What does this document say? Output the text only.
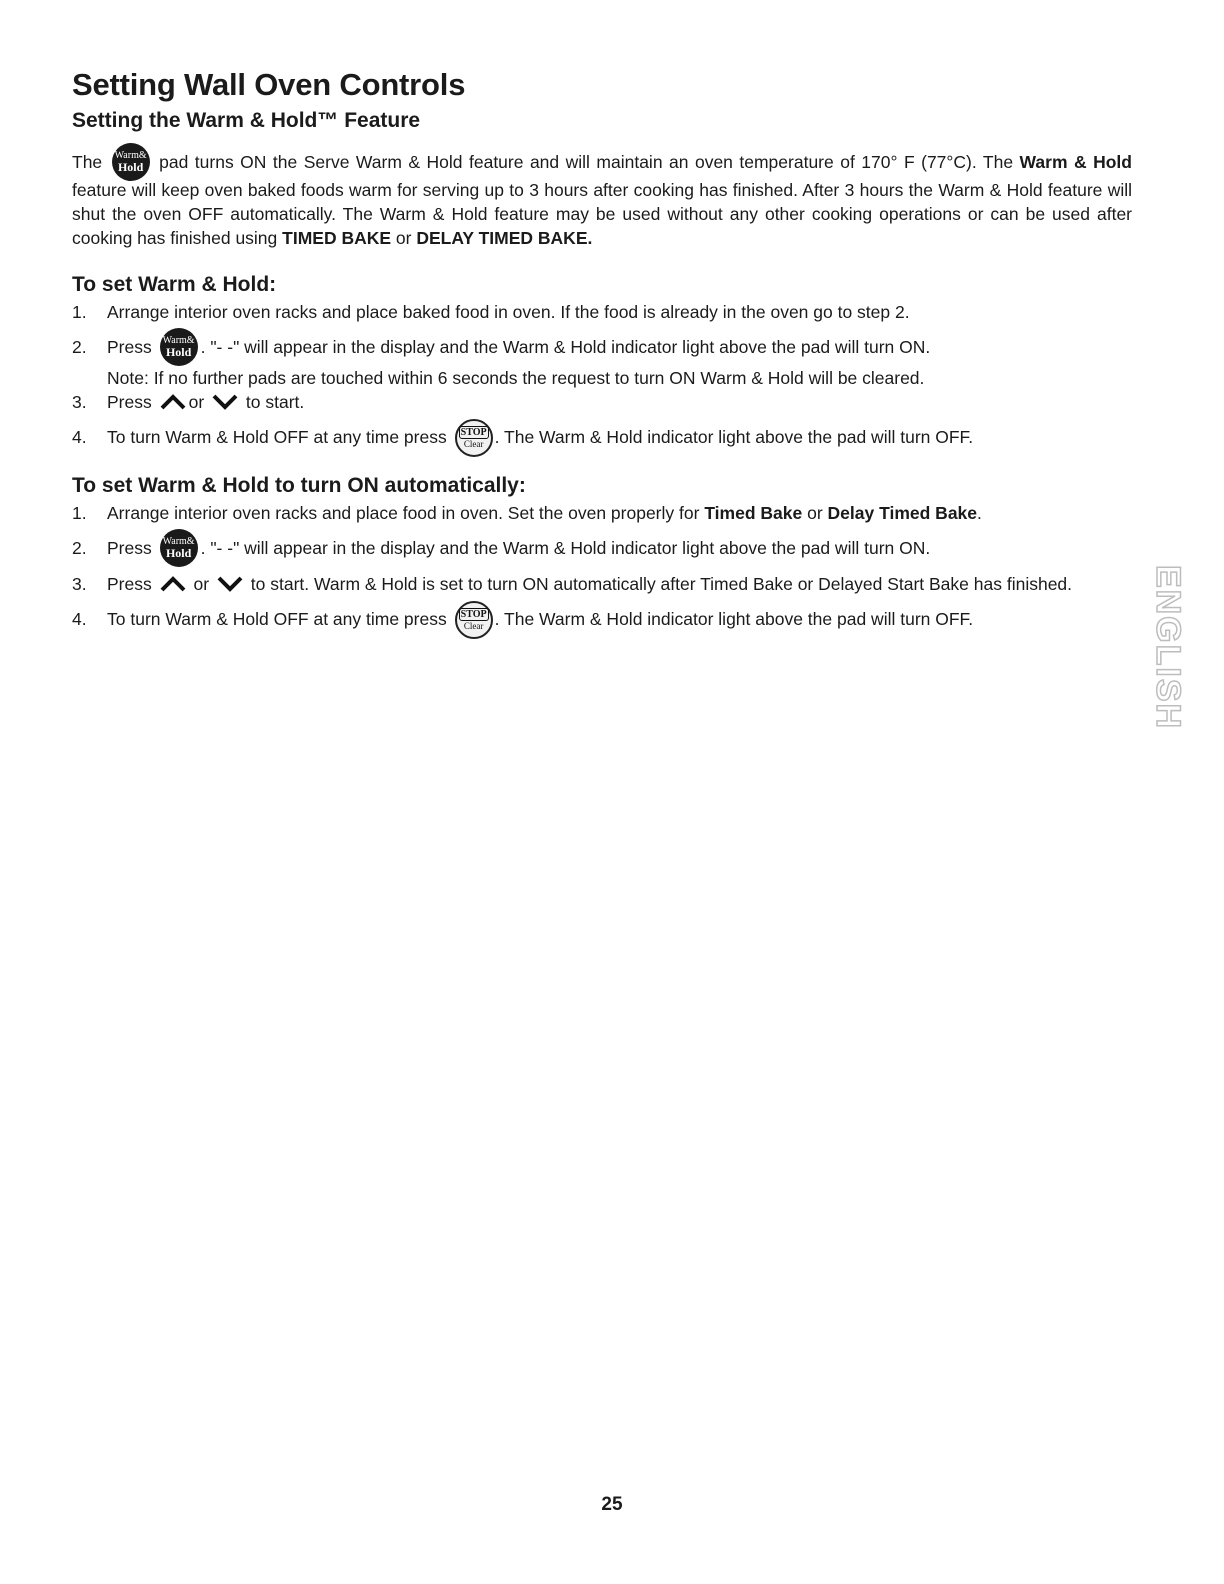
Setting Wall Oven Controls
Setting the Warm & Hold™ Feature

The Warm&
Hold pad turns ON the Serve Warm & Hold feature and will maintain an oven temperature of 170° F (77°C). The Warm & Hold feature will keep oven baked foods warm for serving up to 3 hours after cooking has finished. After 3 hours the Warm & Hold feature will shut the oven OFF automatically. The Warm & Hold feature may be used without any other cooking operations or can be used after cooking has finished using TIMED BAKE or DELAY TIMED BAKE.

To set Warm & Hold:
1. Arrange interior oven racks and place baked food in oven. If the food is already in the oven go to step 2.
2. Press Warm&
Hold . "- -" will appear in the display and the Warm & Hold indicator light above the pad will turn ON.
Note: If no further pads are touched within 6 seconds the request to turn ON Warm & Hold will be cleared.
3. Press or to start.
4. To turn Warm & Hold OFF at any time press STOP
Clear . The Warm & Hold indicator light above the pad will turn OFF.
To set Warm & Hold to turn ON automatically:
1. Arrange interior oven racks and place food in oven. Set the oven properly for Timed Bake or Delay Timed Bake.
2. Press Warm&
Hold . "- -" will appear in the display and the Warm & Hold indicator light above the pad will turn ON.
3. Press or to start. Warm & Hold is set to turn ON automatically after Timed Bake or Delayed Start Bake has finished.
4. To turn Warm & Hold OFF at any time press STOP
Clear . The Warm & Hold indicator light above the pad will turn OFF.	ENGLISH
25
